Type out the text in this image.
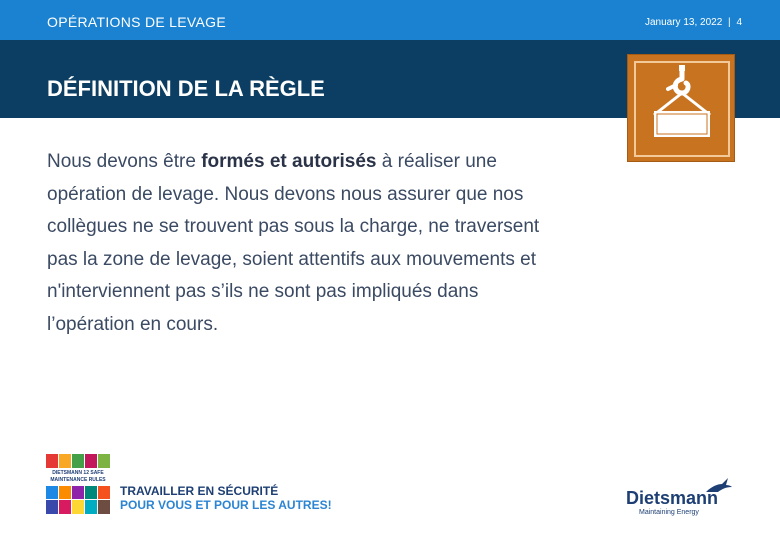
OPÉRATIONS DE LEVAGE	January 13, 2022 | 4
DÉFINITION DE LA RÈGLE
Nous devons être formés et autorisés à réaliser une opération de levage. Nous devons nous assurer que nos collègues ne se trouvent pas sous la charge, ne traversent pas la zone de levage, soient attentifs aux mouvements et n'interviennent pas s’ils ne sont pas impliqués dans l’opération en cours.
DIETSMANN 12 SAFE MAINTENANCE RULES
TRAVAILLER EN SÉCURITÉ
POUR VOUS ET POUR LES AUTRES!	Dietsmann
Maintaining Energy
